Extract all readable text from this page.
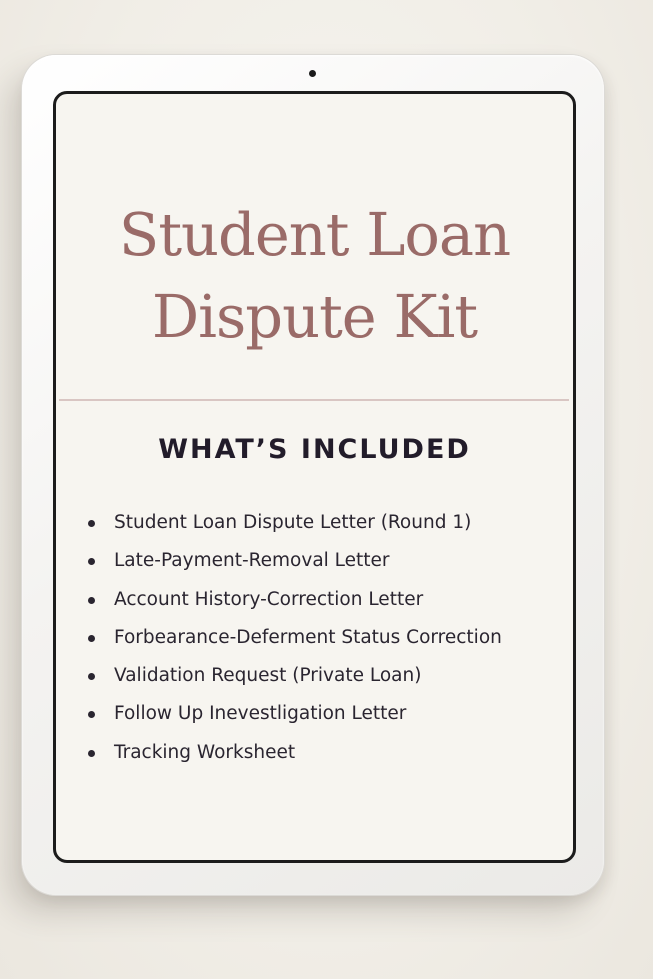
Student Loan
Dispute Kit
WHAT’S INCLUDED
Student Loan Dispute Letter (Round 1)
Late-Payment-Removal Letter
Account History-Correction Letter
Forbearance-Deferment Status Correction
Validation Request (Private Loan)
Follow Up Inevestligation Letter
Tracking Worksheet
